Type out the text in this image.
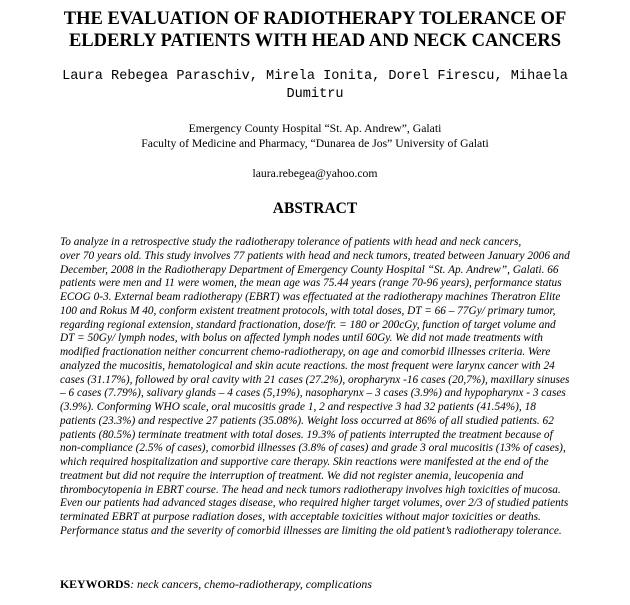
THE EVALUATION OF RADIOTHERAPY TOLERANCE OF
ELDERLY PATIENTS WITH HEAD AND NECK CANCERS

Laura Rebegea Paraschiv, Mirela Ionita, Dorel Firescu, Mihaela
Dumitru

Emergency County Hospital “St. Ap. Andrew”, Galati
Faculty of Medicine and Pharmacy, “Dunarea de Jos” University of Galati

laura.rebegea@yahoo.com

ABSTRACT
To analyze in a retrospective study the radiotherapy tolerance of patients with head and neck cancers,
over 70 years old. This study involves 77 patients with head and neck tumors, treated between January 2006 and
December, 2008 in the Radiotherapy Department of Emergency County Hospital “St. Ap. Andrew”, Galati. 66
patients were men and 11 were women, the mean age was 75.44 years (range 70-96 years), performance status
ECOG 0-3. External beam radiotherapy (EBRT) was effectuated at the radiotherapy machines Theratron Elite
100 and Rokus M 40, conform existent treatment protocols, with total doses, DT = 66 – 77Gy/ primary tumor,
regarding regional extension, standard fractionation, dose/fr. = 180 or 200cGy, function of target volume and
DT = 50Gy/ lymph nodes, with bolus on affected lymph nodes until 60Gy. We did not made treatments with
modified fractionation neither concurrent chemo-radiotherapy, on age and comorbid illnesses criteria. Were
analyzed the mucositis, hematological and skin acute reactions. the most frequent were larynx cancer with 24
cases (31.17%), followed by oral cavity with 21 cases (27.2%), oropharynx -16 cases (20,7%), maxillary sinuses
– 6 cases (7.79%), salivary glands – 4 cases (5,19%), nasopharynx – 3 cases (3.9%) and hypopharynx - 3 cases
(3.9%). Conforming WHO scale, oral mucositis grade 1, 2 and respective 3 had 32 patients (41.54%), 18
patients (23.3%) and respective 27 patients (35.08%). Weight loss occurred at 86% of all studied patients. 62
patients (80.5%) terminate treatment with total doses. 19.3% of patients interrupted the treatment because of
non-compliance (2.5% of cases), comorbid illnesses (3.8% of cases) and grade 3 oral mucositis (13% of cases),
which required hospitalization and supportive care therapy. Skin reactions were manifested at the end of the
treatment but did not require the interruption of treatment. We did not register anemia, leucopenia and
thrombocytopenia in EBRT course. The head and neck tumors radiotherapy involves high toxicities of mucosa.
Even our patients had advanced stages disease, who required higher target volumes, over 2/3 of studied patients
terminated EBRT at purpose radiation doses, with acceptable toxicities without major toxicities or deaths.
Performance status and the severity of comorbid illnesses are limiting the old patient’s radiotherapy tolerance.

KEYWORDS: neck cancers, chemo-radiotherapy, complications
